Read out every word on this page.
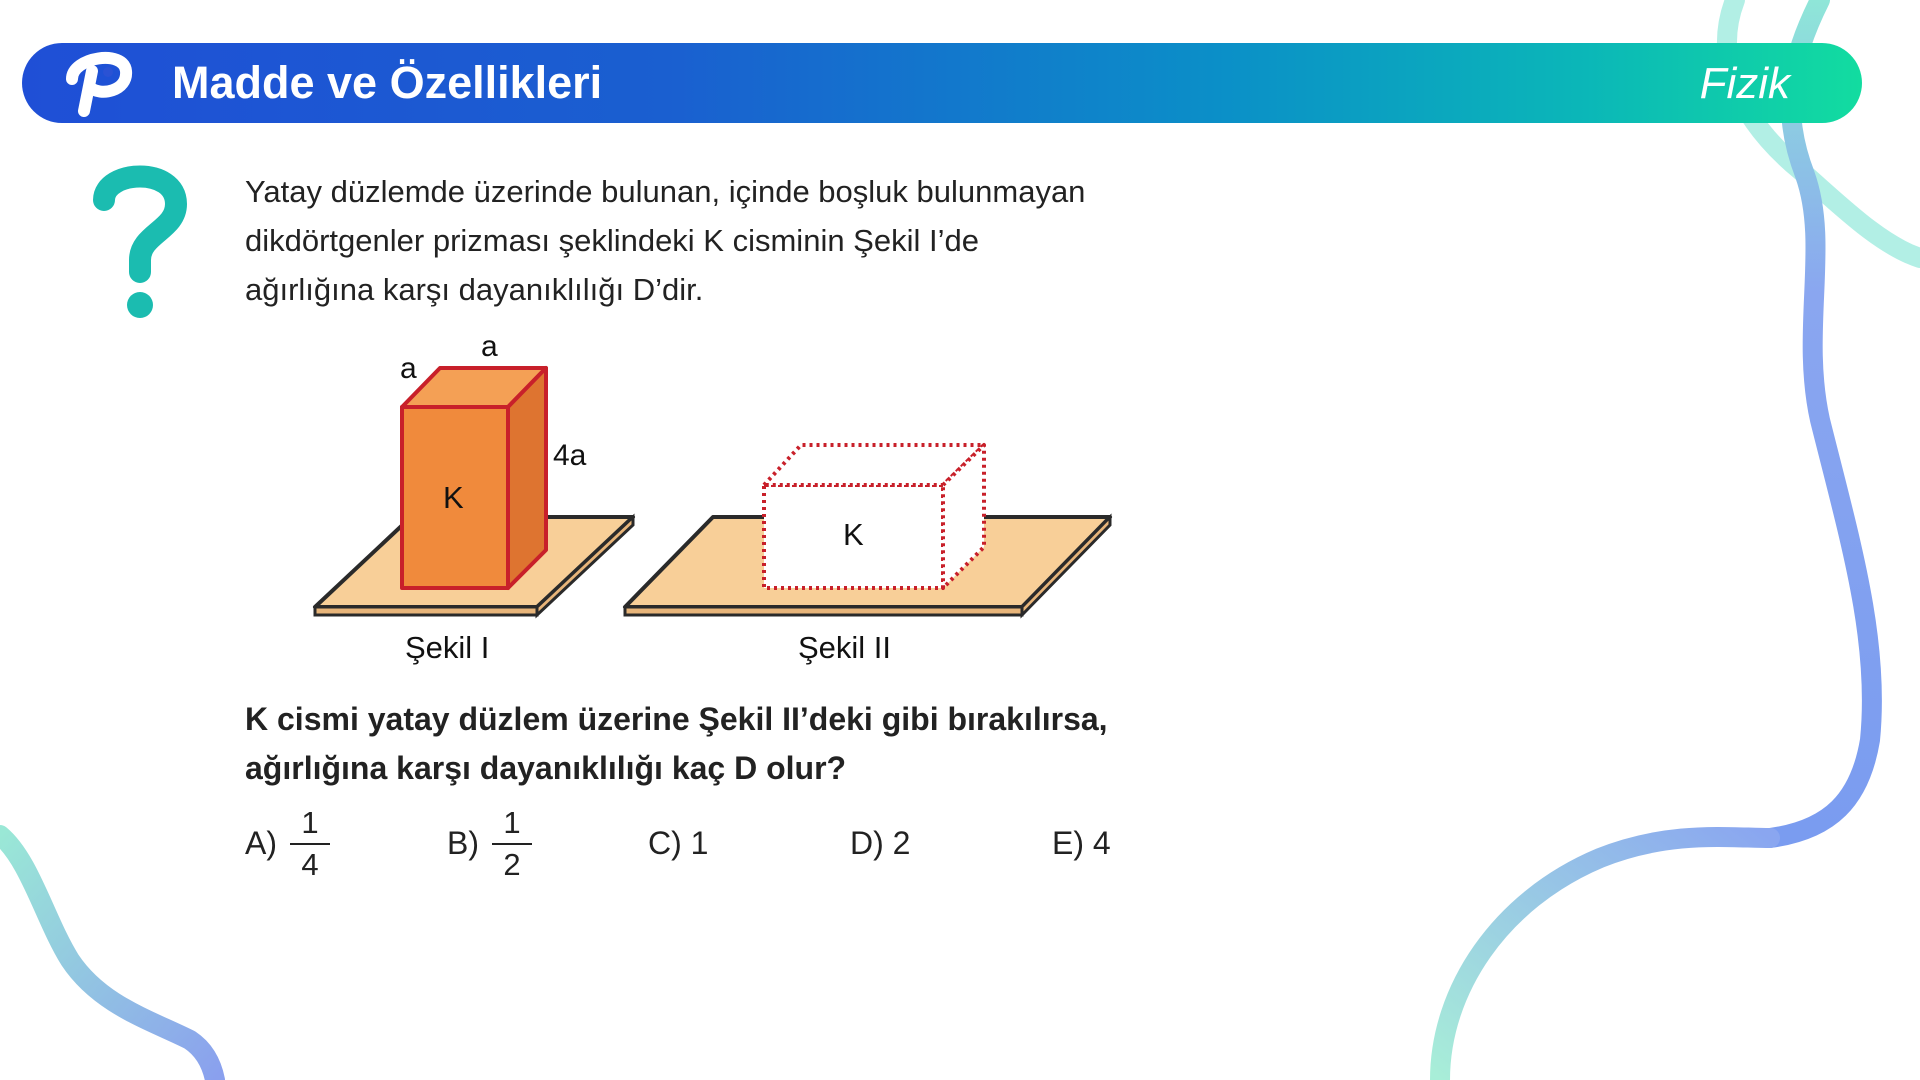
Madde ve Özellikleri	Fizik
Yatay düzlemde üzerinde bulunan, içinde boşluk bulunmayan
dikdörtgenler prizması şeklindeki K cisminin Şekil I’de
ağırlığına karşı dayanıklılığı D’dir.
K
a
a
4a
K
Şekil I	Şekil II
K cismi yatay düzlem üzerine Şekil II’deki gibi bırakılırsa,
ağırlığına karşı dayanıklılığı kaç D olur?
A)
1
4
B)
1
2
C) 1	D) 2	E) 4
